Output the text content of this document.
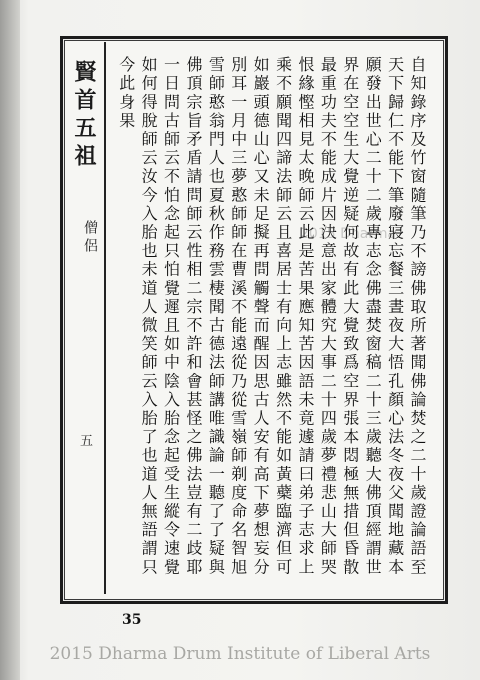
賢首五祖
僧侶
五	自知錄序及竹窗隨筆乃不謗佛取所著聞佛論焚之二十歲證論語至天下歸仁不能下筆廢寢忘餐三晝夜大悟孔顏心法冬夜父聞地藏本願發出世心二十二歲專志念佛盡焚窗稿二十三歲聽大佛頂經謂世界在空空生大覺逆疑何故有此大覺致爲空界張本悶極無措但昏散最重功夫不能成片因決意出家體究大事二十四歲夢禮悲山大師哭恨緣慳相見太晚師云此是苦果應知苦因語未竟遽請曰弟子志求上乘不願聞四諦法師云且喜居士有向上志雖然不能如黃蘗臨濟但可如巖頭德山心又未足擬再問觸聲而醒因思古人安有高下夢想妄分別耳一月中三夢憨師師在曹溪不能遠從乃從雪嶺師剃度命名智旭雪師憨翁門人也夏秋作務雲棲聞古德法師講唯識論一聽了了疑與佛頂宗旨矛盾請問師云性相二宗不許和會甚怪之佛法豈有二歧耶一日問古師云不怕念起只怕覺遲且如中陰入胎念起受生縱令速覺如何得脫師云汝今入胎也未道人微笑師云入胎了也道人無語謂只今此身果
2015 Dharma
35
2015 Dharma Drum Institute of Liberal Arts
